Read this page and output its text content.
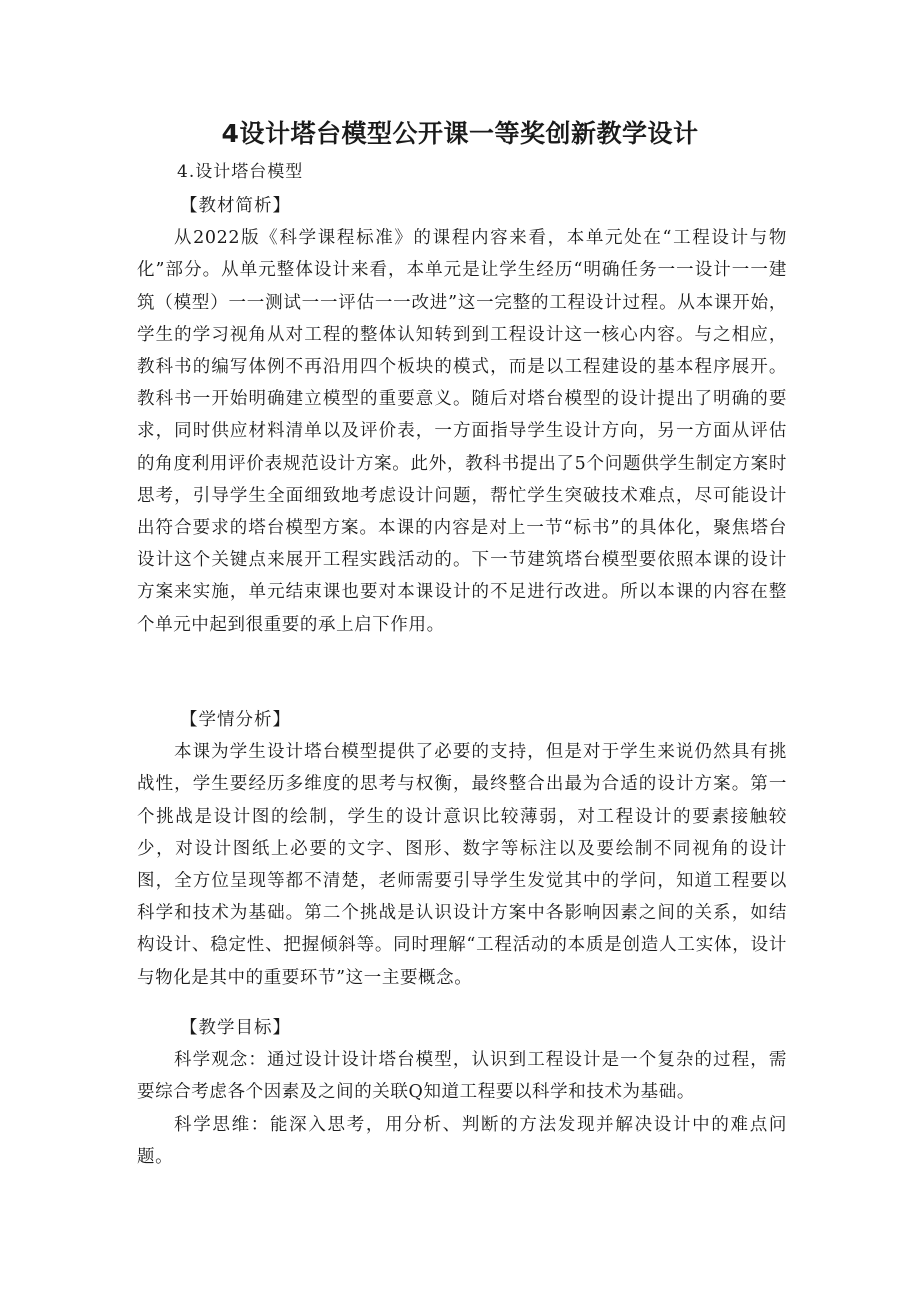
4设计塔台模型公开课一等奖创新教学设计
4.设计塔台模型
【教材简析】
从2022版《科学课程标准》的课程内容来看，本单元处在“工程设计与物化”部分。从单元整体设计来看，本单元是让学生经历“明确任务一一设计一一建筑（模型）一一测试一一评估一一改进”这一完整的工程设计过程。从本课开始，学生的学习视角从对工程的整体认知转到到工程设计这一核心内容。与之相应，教科书的编写体例不再沿用四个板块的模式，而是以工程建设的基本程序展开。教科书一开始明确建立模型的重要意义。随后对塔台模型的设计提出了明确的要求，同时供应材料清单以及评价表，一方面指导学生设计方向，另一方面从评估的角度利用评价表规范设计方案。此外，教科书提出了5个问题供学生制定方案时思考，引导学生全面细致地考虑设计问题，帮忙学生突破技术难点，尽可能设计出符合要求的塔台模型方案。本课的内容是对上一节“标书”的具体化，聚焦塔台设计这个关键点来展开工程实践活动的。下一节建筑塔台模型要依照本课的设计方案来实施，单元结束课也要对本课设计的不足进行改进。所以本课的内容在整个单元中起到很重要的承上启下作用。
【学情分析】
本课为学生设计塔台模型提供了必要的支持，但是对于学生来说仍然具有挑战性，学生要经历多维度的思考与权衡，最终整合出最为合适的设计方案。第一个挑战是设计图的绘制，学生的设计意识比较薄弱，对工程设计的要素接触较少，对设计图纸上必要的文字、图形、数字等标注以及要绘制不同视角的设计图，全方位呈现等都不清楚，老师需要引导学生发觉其中的学问，知道工程要以科学和技术为基础。第二个挑战是认识设计方案中各影响因素之间的关系，如结构设计、稳定性、把握倾斜等。同时理解“工程活动的本质是创造人工实体，设计与物化是其中的重要环节”这一主要概念。
【教学目标】
科学观念：通过设计设计塔台模型，认识到工程设计是一个复杂的过程，需要综合考虑各个因素及之间的关联Q知道工程要以科学和技术为基础。
科学思维：能深入思考，用分析、判断的方法发现并解决设计中的难点问题。
